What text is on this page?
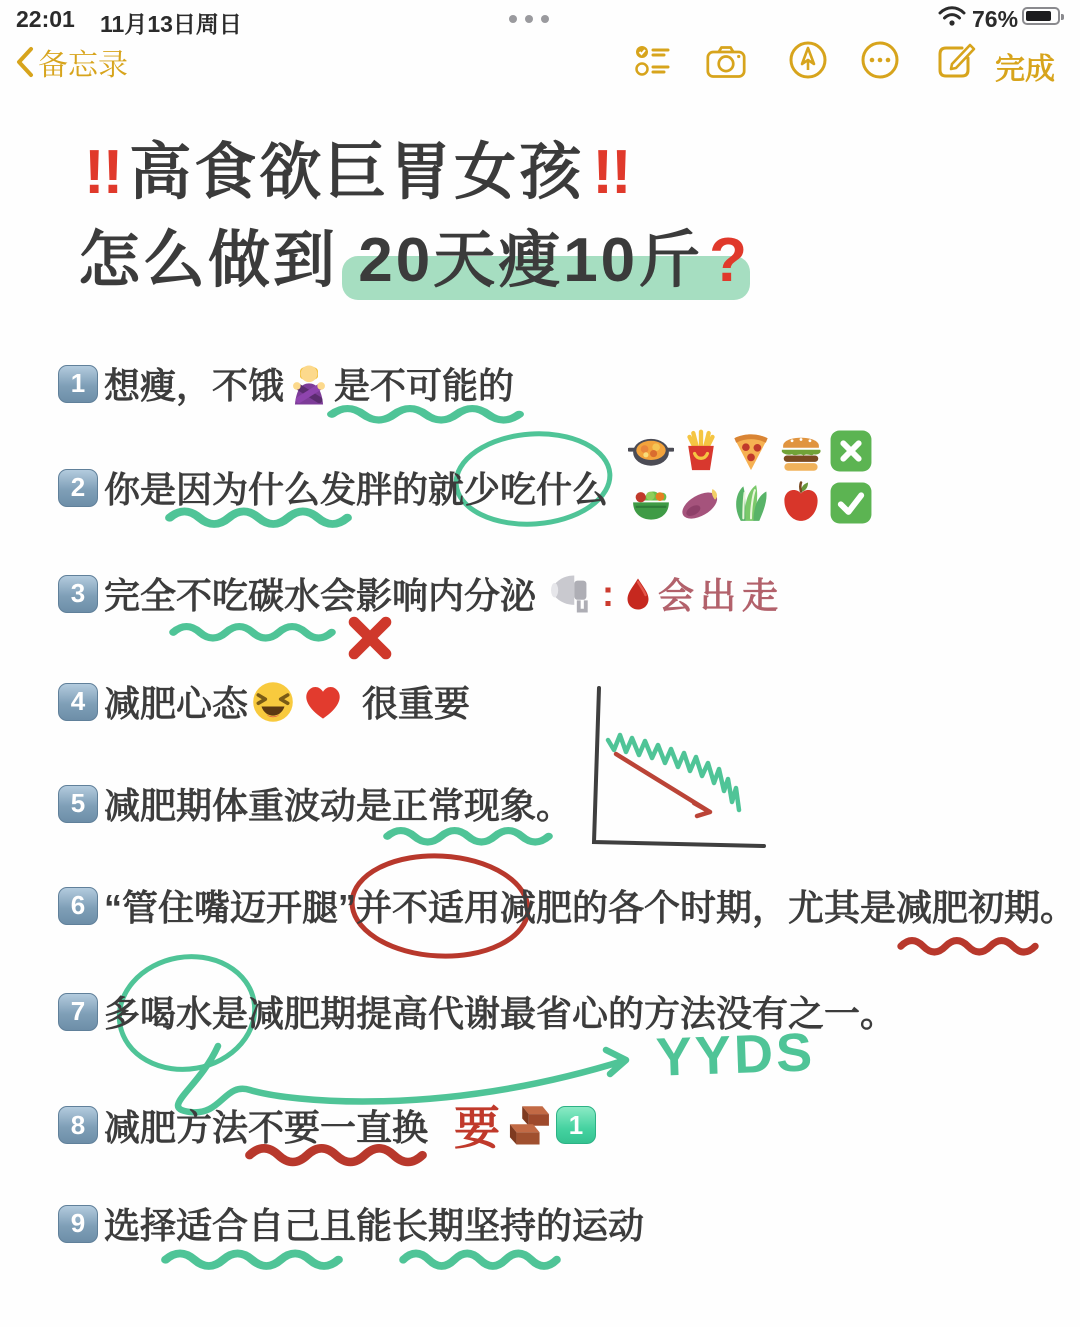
22:01 11月13日周日	76%
备忘录	完成
!! 高食欲巨胃女孩 !!
怎么做到 20天瘦10斤?
1 想瘦，不饿 是不可能的
2 你是因为什么发胖的就少吃什么
3 完全不吃碳水会影响内分泌 : 会出走
4 减肥心态	很重要
5 减肥期体重波动是正常现象。
6 “管住嘴迈开腿” 并不适用 减肥的各个时期，尤其是减肥初期。
7 多 喝水 是减肥期提高代谢最省心的方法没有之一。
YYDS
8 减肥方法不要一直换 要	1
9 选择适合自己且能长期坚持的运动
